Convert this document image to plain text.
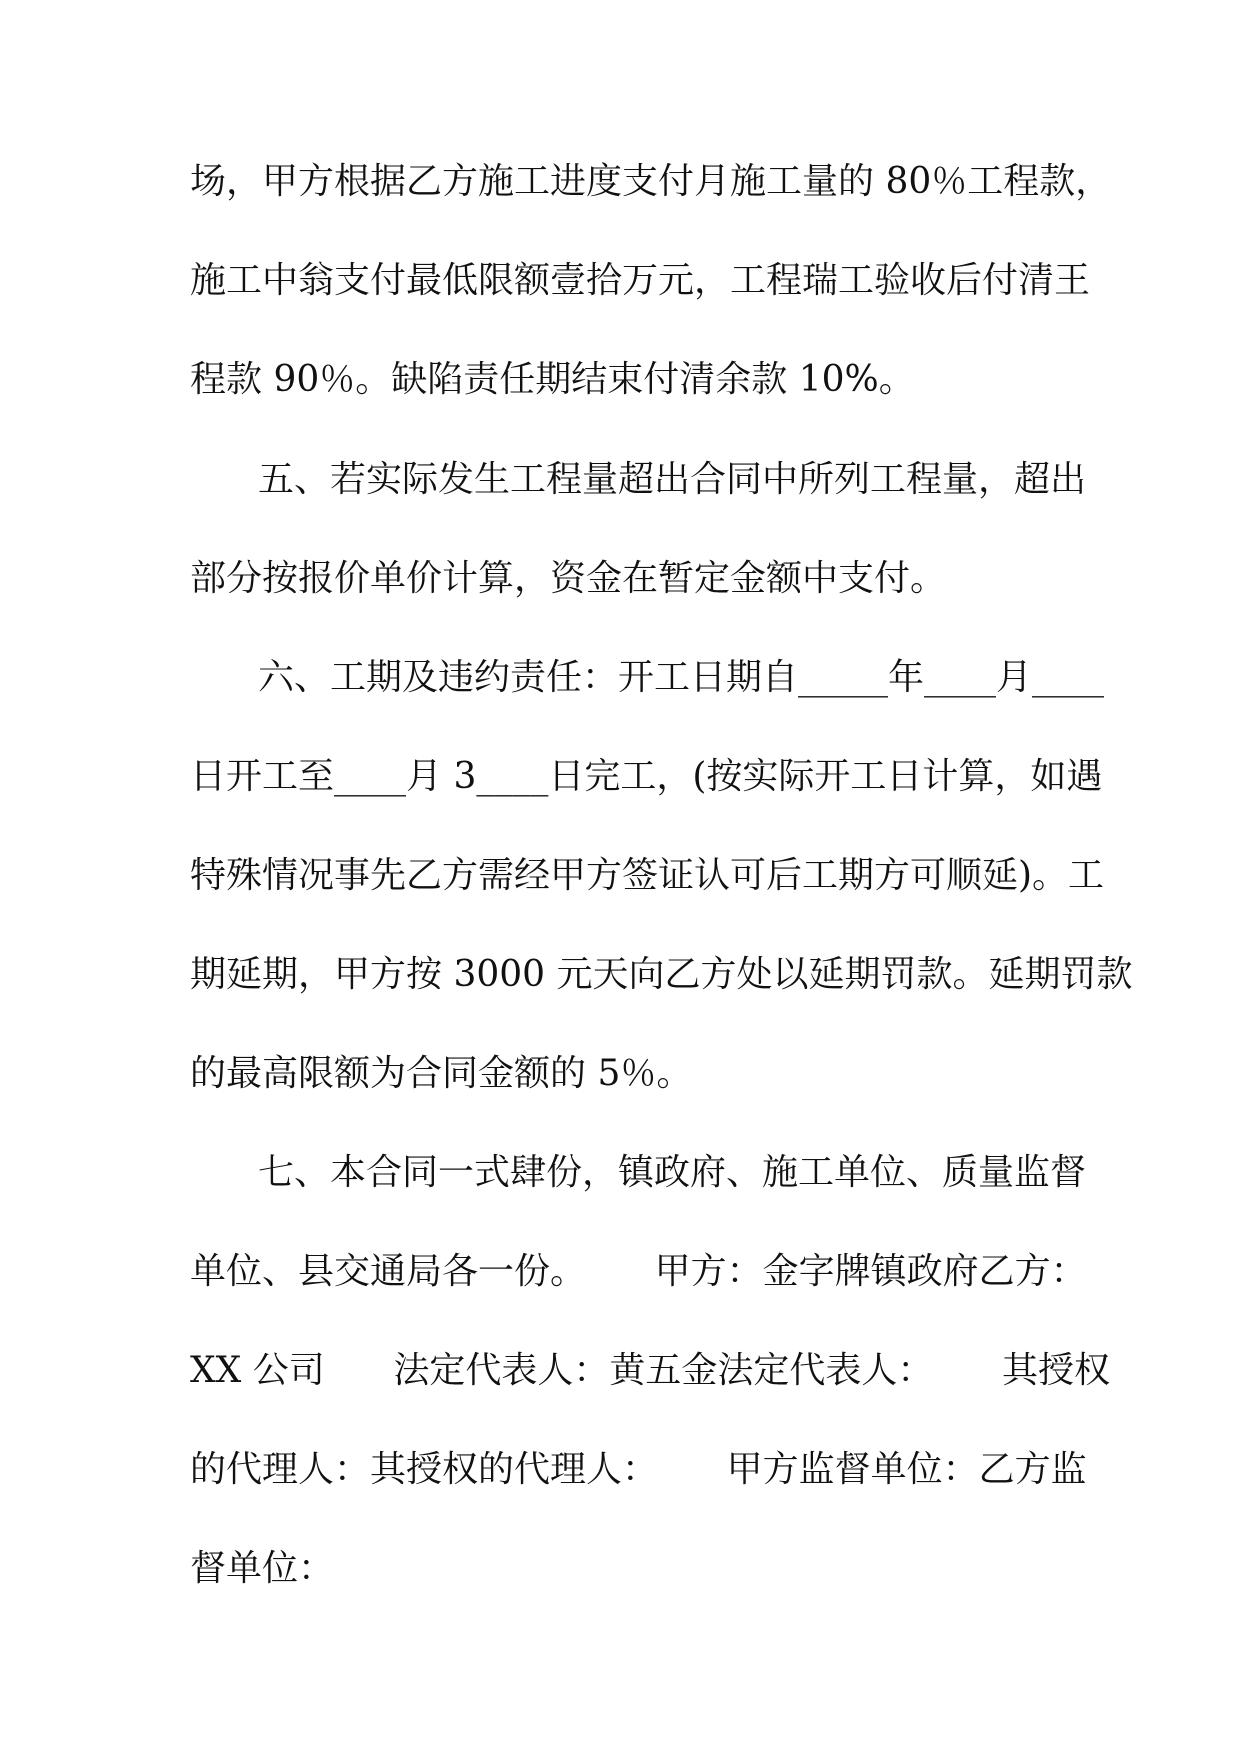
场，甲方根据乙方施工进度支付月施工量的 80％工程款，
施工中翁支付最低限额壹拾万元，工程瑞工验收后付清王
程款 90％。缺陷责任期结束付清余款 10%。
五、若实际发生工程量超出合同中所列工程量，超出
部分按报价单价计算，资金在暂定金额中支付。
六、工期及违约责任：开工日期自_____年____月____
日开工至____月 3____日完工，(按实际开工日计算，如遇
特殊情况事先乙方需经甲方签证认可后工期方可顺延)。工
期延期，甲方按 3000 元天向乙方处以延期罚款。延期罚款
的最高限额为合同金额的 5％。
七、本合同一式肆份，镇政府、施工单位、质量监督
单位、县交通局各一份。      甲方：金字牌镇政府乙方：
XX 公司      法定代表人：黄五金法定代表人：      其授权
的代理人：其授权的代理人：      甲方监督单位：乙方监
督单位：
